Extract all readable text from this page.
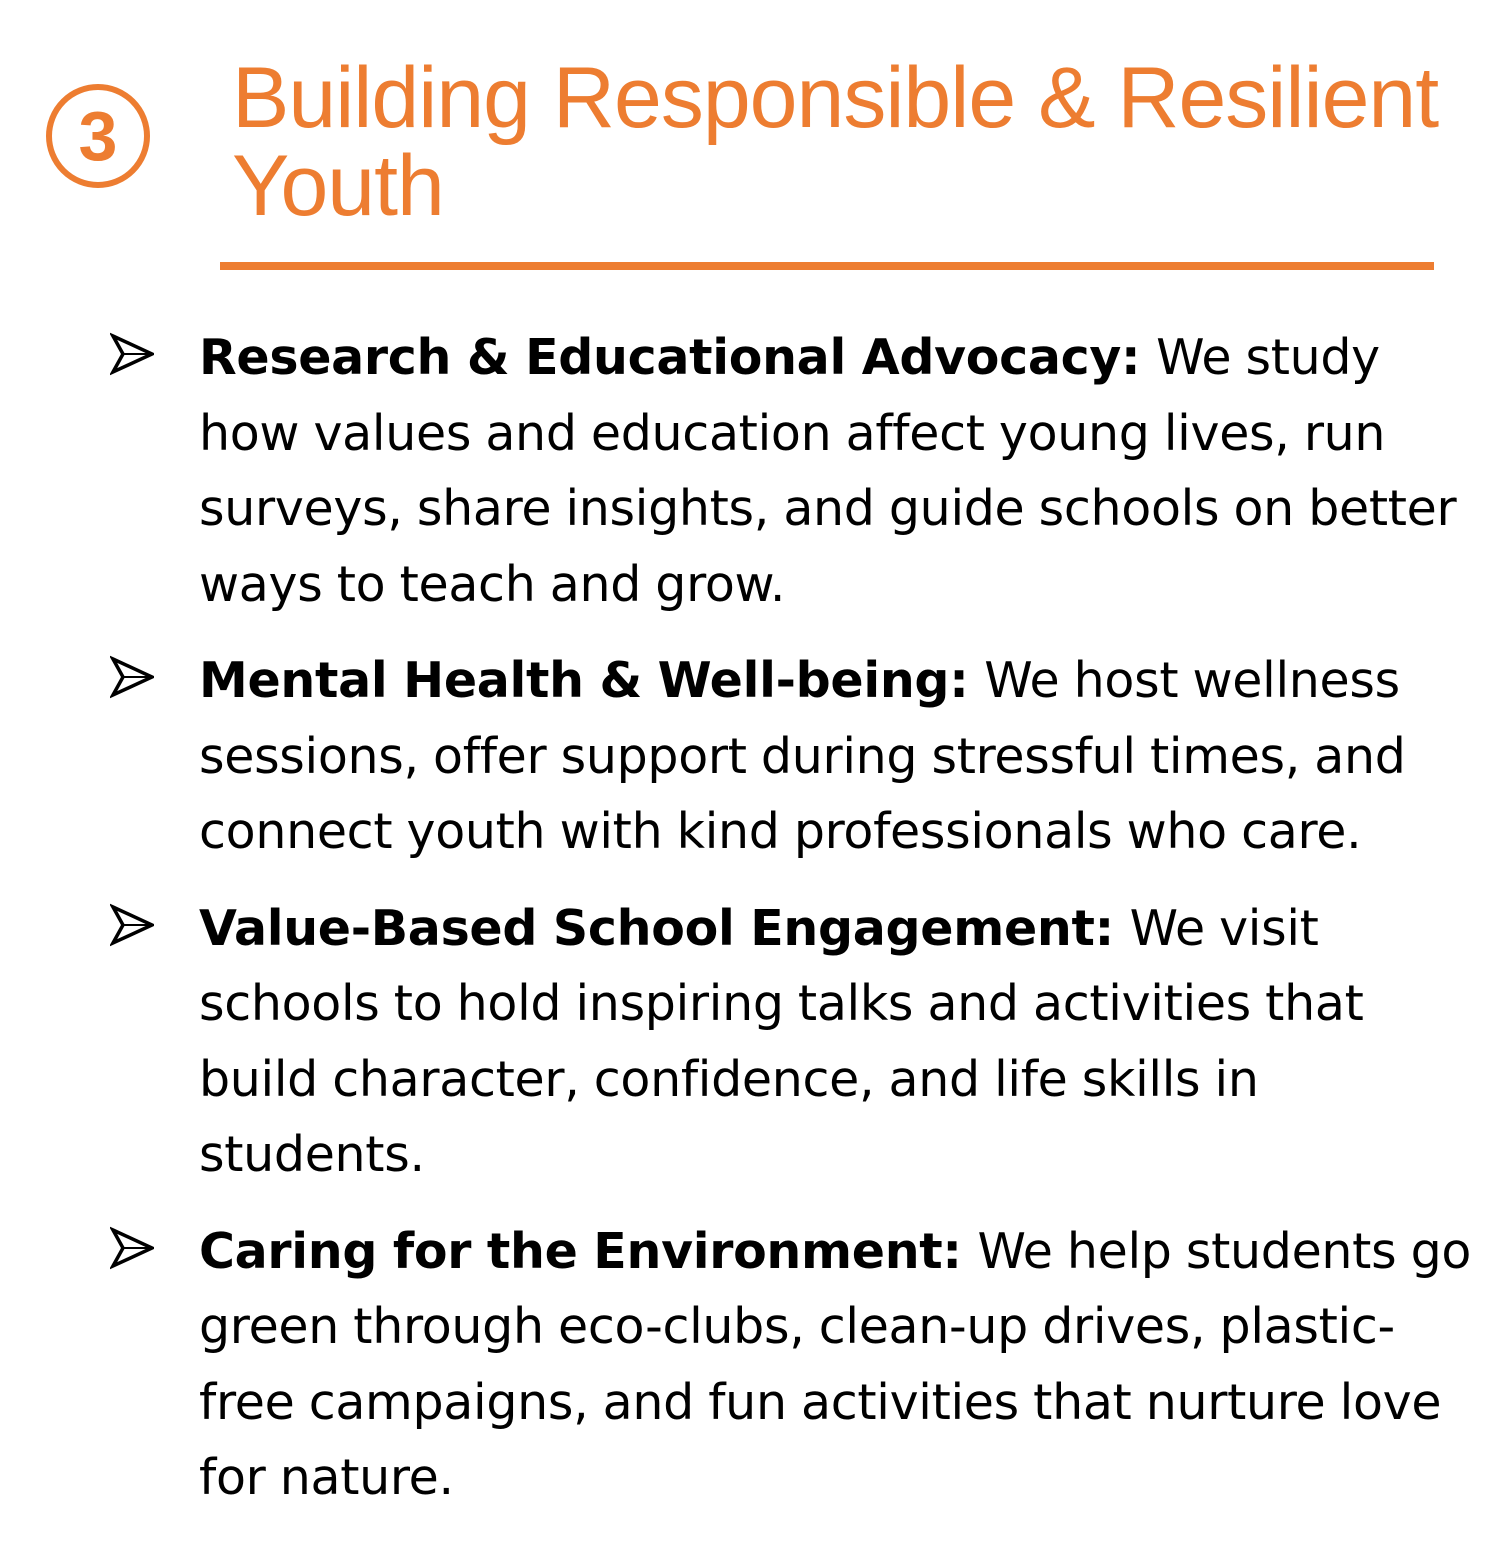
3 Building Responsible & Resilient Youth
Research & Educational Advocacy: We study how values and education affect young lives, run surveys, share insights, and guide schools on better ways to teach and grow.
Mental Health & Well-being: We host wellness sessions, offer support during stressful times, and connect youth with kind professionals who care.
Value-Based School Engagement: We visit schools to hold inspiring talks and activities that build character, confidence, and life skills in students.
Caring for the Environment: We help students go green through eco-clubs, clean-up drives, plastic-free campaigns, and fun activities that nurture love for nature.
